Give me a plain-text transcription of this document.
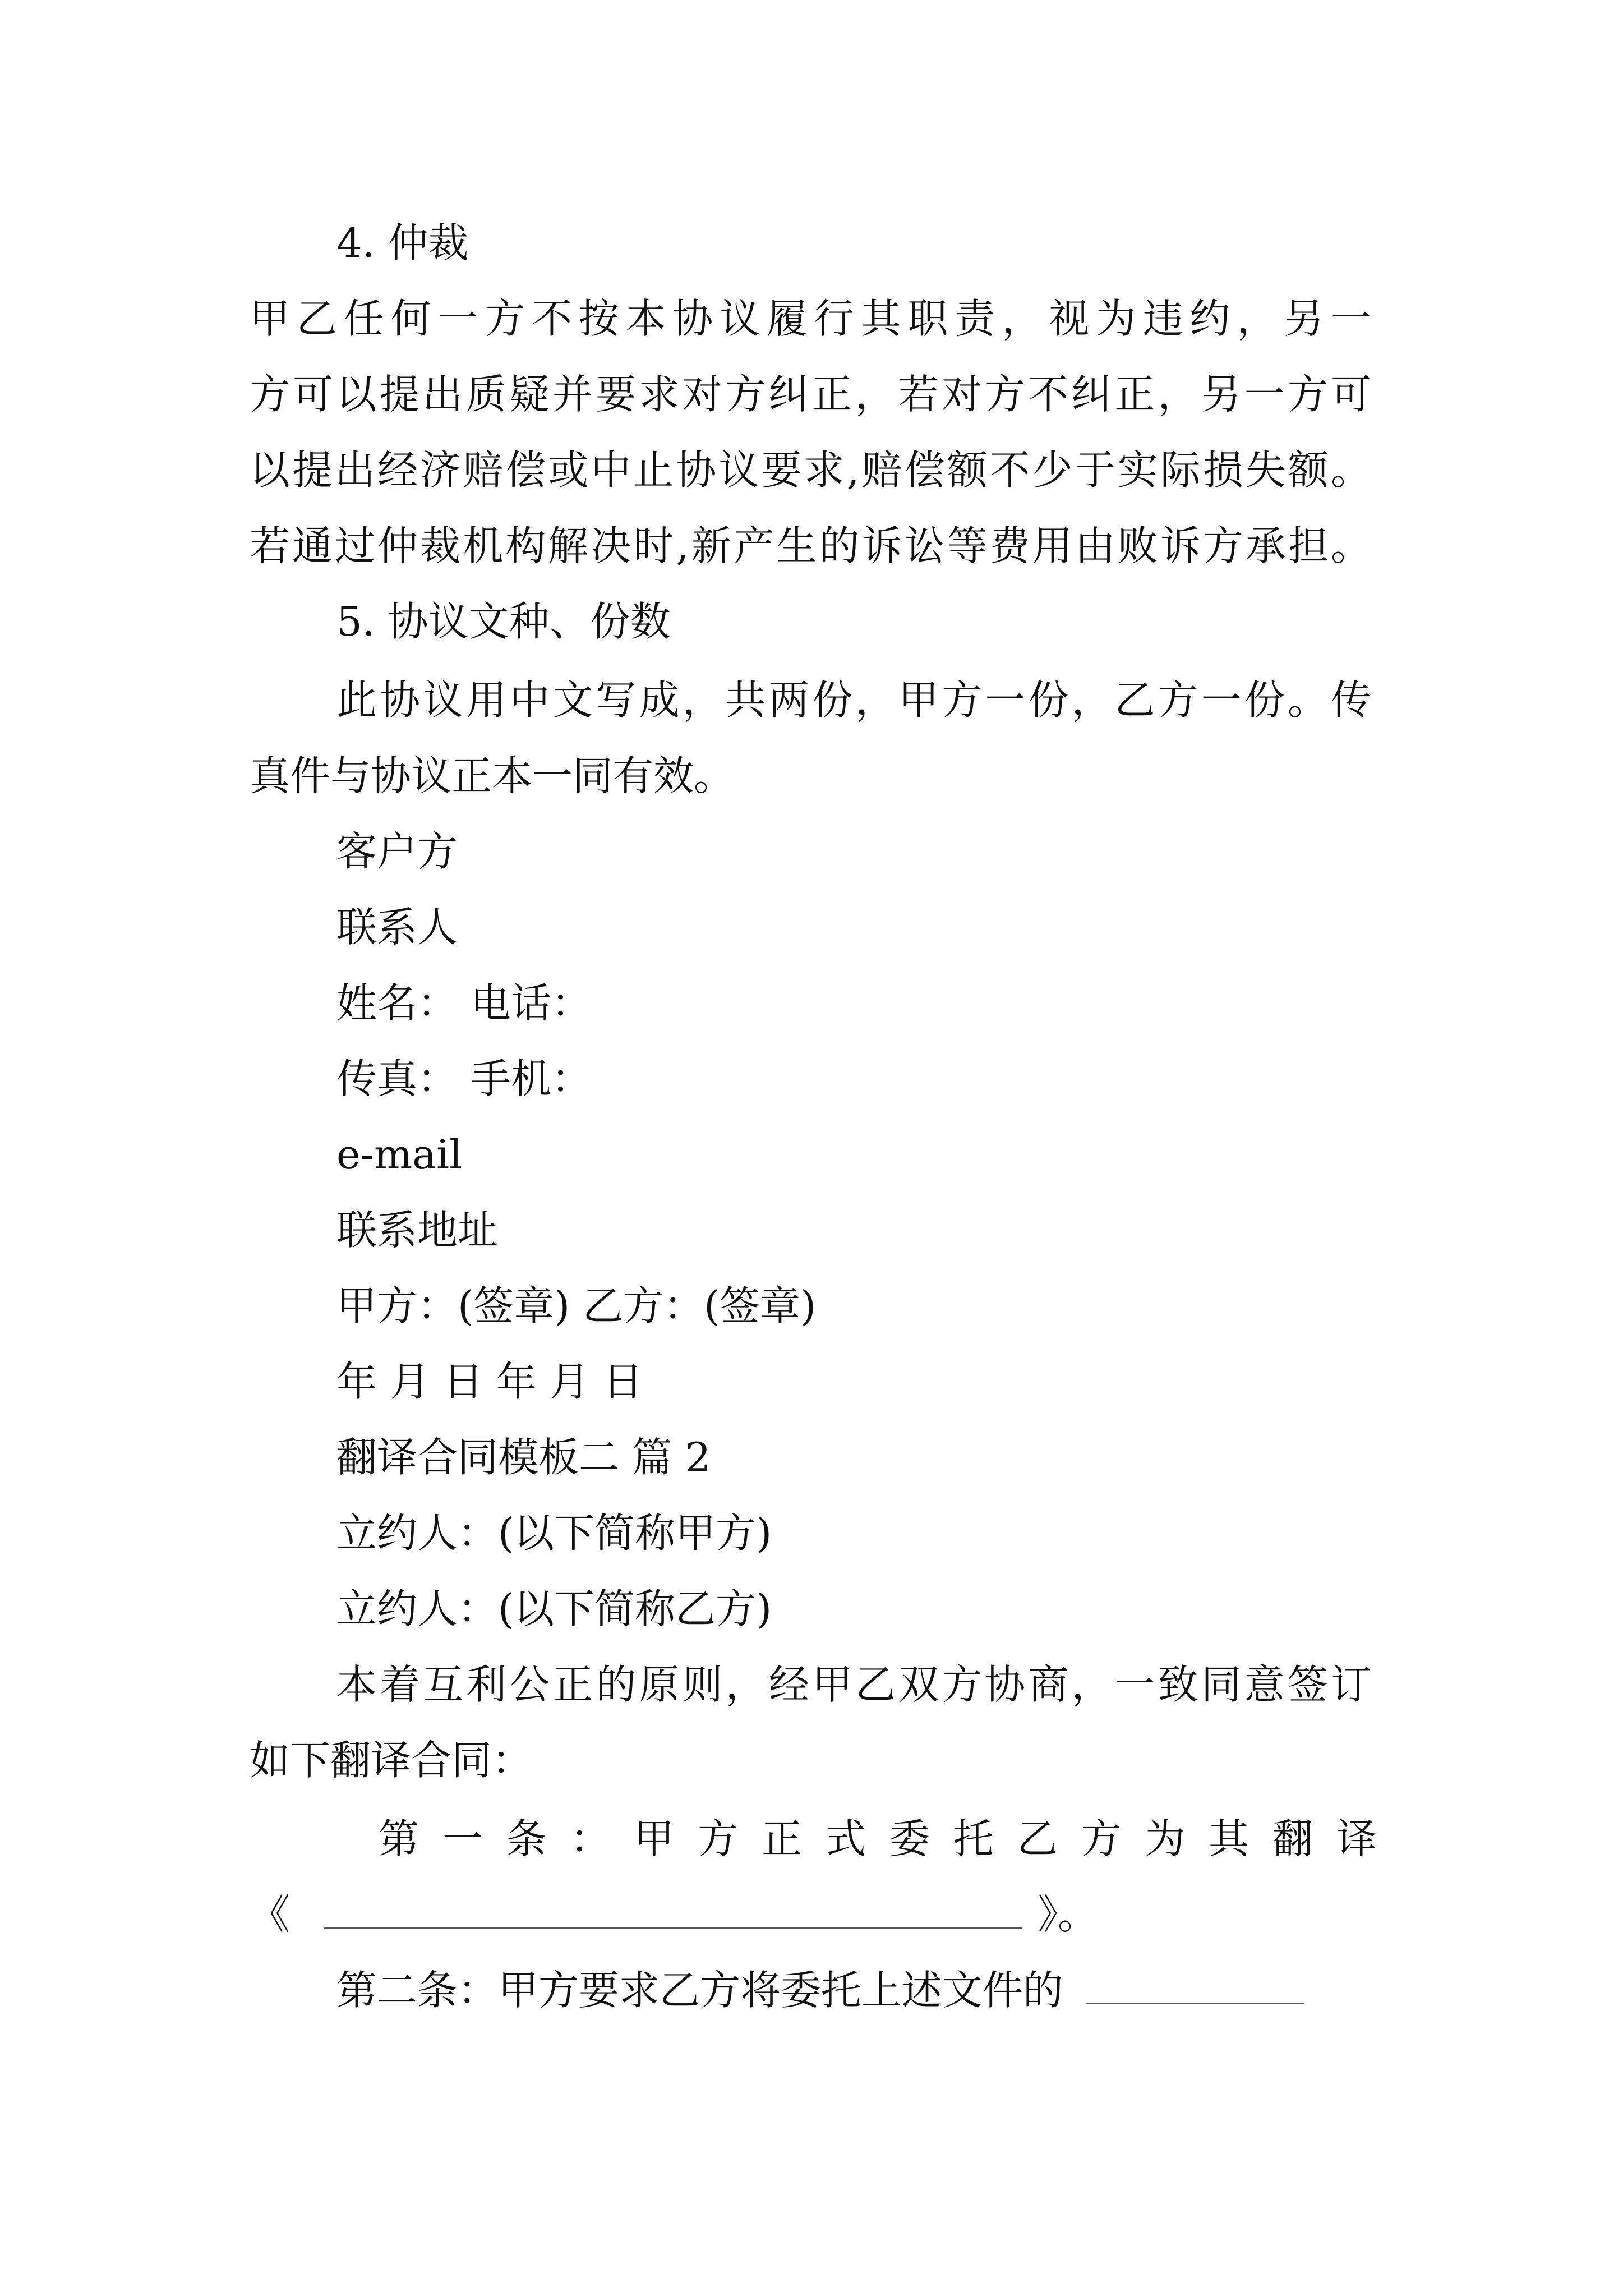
4. 仲裁

甲乙任何一方不按本协议履行其职责，视为违约，另一

方可以提出质疑并要求对方纠正，若对方不纠正，另一方可

以提出经济赔偿或中止协议要求,赔偿额不少于实际损失额。

若通过仲裁机构解决时,新产生的诉讼等费用由败诉方承担。

5. 协议文种、份数

此协议用中文写成，共两份，甲方一份，乙方一份。传

真件与协议正本一同有效。

客户方

联系人

姓名： 电话：

传真： 手机：

e-mail

联系地址

甲方：(签章) 乙方：(签章)

年 月 日 年 月 日

翻译合同模板二 篇 2

立约人：(以下简称甲方)

立约人：(以下简称乙方)

本着互利公正的原则，经甲乙双方协商，一致同意签订

如下翻译合同：

第 一 条 ： 甲 方 正 式 委 托 乙 方 为 其 翻 译

《	》。

第二条：甲方要求乙方将委托上述文件的
